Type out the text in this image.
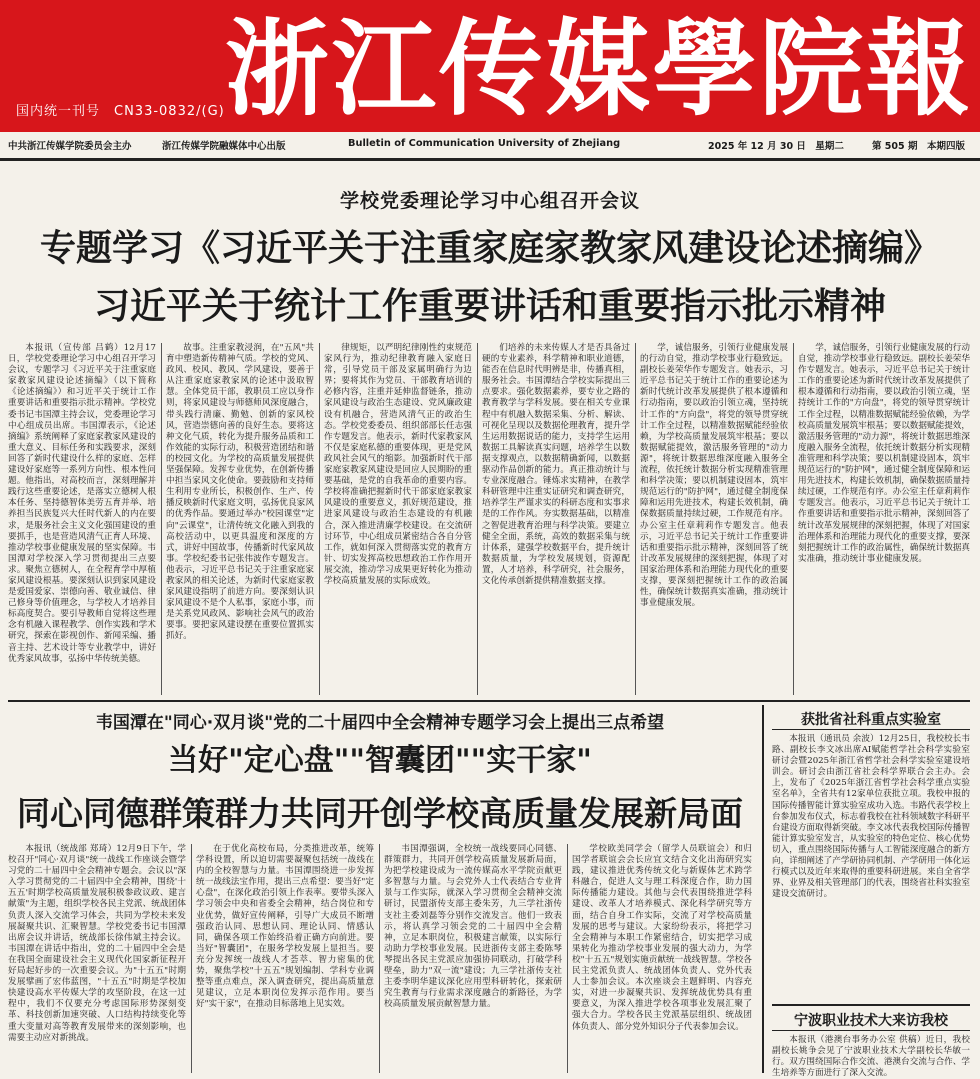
浙 江 传 媒 學 院 報
国内统一刊号　CN33-0832/(G)
中共浙江传媒学院委员会主办	浙江传媒学院融媒体中心出版	Bulletin of Communication University of Zhejiang	2025 年 12 月 30 日　星期二	第 505 期　本期四版
学校党委理论学习中心组召开会议
专题学习《习近平关于注重家庭家教家风建设论述摘编》
习近平关于统计工作重要讲话和重要指示批示精神

本报讯（宣传部 吕鹤）12月17日，学校党委理论学习中心组召开学习会议，专题学习《习近平关于注重家庭家教家风建设论述摘编》（以下简称《论述摘编》）和习近平关于统计工作重要讲话和重要指示批示精神。学校党委书记韦国潭主持会议，党委理论学习中心组成员出席。韦国潭表示，《论述摘编》系统阐释了家庭家教家风建设的重大意义、目标任务和实践要求，深刻回答了新时代建设什么样的家庭、怎样建设好家庭等一系列方向性、根本性问题。他指出，对高校而言，深刻理解并践行这些重要论述，是落实立德树人根本任务、坚持德智体美劳五育并举、培养担当民族复兴大任时代新人的内在要求，是服务社会主义文化强国建设的重要抓手，也是营造风清气正育人环境、推动学校事业健康发展的坚实保障。韦国潭对学校深入学习贯彻提出三点要求。聚焦立德树人，在全程育学中厚植家风建设根基。要深刻认识到家风建设是爱国爱家、崇德向善、敬业诚信、律己修身等价值理念，与学校人才培养目标高度契合。要引导教师自觉将这些理念有机融入课程教学、创作实践和学术研究，探索在影视创作、新闻采编、播音主持、艺术设计等专业教学中，讲好优秀家风故事，弘扬中华传统美德。

故事。注重家教浸润，在"五风"共育中塑造新传精神气质。学校的党风、政风、校风、教风、学风建设，要善于从注重家庭家教家风的论述中汲取智慧。全体党员干部，教职员工应以身作则，将家风建设与师德师风深度融合，带头践行清廉、勤勉、创新的家风校风，营造崇德向善的良好生态。要将这种文化气质，转化为提升服务品质和工作效能的实际行动，积极营造团结和谐的校园文化。为学校的高质量发展提供坚强保障。发挥专业优势，在创新传播中担当家风文化使命。要鼓励和支持师生利用专业所长，积极创作、生产、传播反映新时代家庭文明，弘扬优良家风的优秀作品。要通过举办"校园课堂"定向"云课堂"，让清传统文化融入到我的高校活动中，以更具温度和深度的方式，讲好中国故事，传播新时代家风故事。学校纪委书记张伟波作专题发言。他表示，习近平总书记关于注重家庭家教家风的相关论述，为新时代家庭家教家风建设指明了前进方向。要深刻认识家风建设不是个人私事，家庭小事，而是关系党风政风、影响社会风气的政治要事。要把家风建设摆在重要位置抓实抓好。

律规矩，以严明纪律刚性约束规范家风行为，推动纪律教育融入家庭日常，引导党员干部及家属明确行为边界；要将其作为党员、干部教育培训的必修内容，注重并延伸监督链条，推动家风建设与政治生态建设、党风廉政建设有机融合，营造风清气正的政治生态。学校党委委员、组织部部长任志强作专题发言。他表示，新时代家教家风不仅是家庭私德的重要体现，更是党风政风社会风气的缩影。加强新时代干部家庭家教家风建设是回应人民期盼的重要基础，是党的自我革命的重要内容。学校将准确把握新时代干部家庭家教家风建设的重要意义，抓好规范建设，推进家风建设与政治生态建设的有机融合，深入推进清廉学校建设。在交流研讨环节，中心组成员紧密结合各自分管工作，就如何深入贯彻落实党的教育方针、切实发挥高校思想政治工作作用开展交流，推动学习成果更好转化为推动学校高质量发展的实际成效。

们培养的未来传媒人才是否具备过硬的专业素养，科学精神和职业道德，能否在信息时代明辨是非，传播真相，服务社会。韦国潭结合学校实际提出三点要求。强化数据素养，要专业之路的教育教学与学科发展。要在相关专业课程中有机融入数据采集、分析、解读、可视化呈现以及数据伦理教育，提升学生运用数据说话的能力，支持学生运用数据工具解读真实问题，培养学生以数据支撑观点，以数据精确新闻，以数据驱动作品创新的能力。真正推动统计与专业深度融合。锤炼求实精神，在教学科研管理中注重实证研究和调查研究，培养学生严谨求实的科研态度和实事求是的工作作风。夯实数据基础，以精准之智促进教育治理与科学决策。要建立健全全面，系统，高效的数据采集与统计体系，建强学校数据平台，提升统计数据质量，为学校发展规划，资源配置，人才培养，科学研究，社会服务，文化传承创新提供精准数据支撑。

学，诚信服务，引领行业健康发展的行动自觉，推动学校事业行稳致远。副校长姜荣华作专题发言。她表示，习近平总书记关于统计工作的重要论述为新时代统计改革发展提供了根本遵循和行动指南，要以政治引领立魂，坚持统计工作的"方向盘"，将党的领导贯穿统计工作全过程，以精准数据赋能经验依赖，为学校高质量发展筑牢根基；要以数据赋能提效，激活服务管理的"动力源"，将统计数据思维深度融入服务全流程，依托统计数据分析实现精准管理和科学决策；要以机制建设固本，筑牢规范运行的"防护网"，通过健全制度保障和运用先进技术，构建长效机制，确保数据质量持续过硬，工作规范有序。办公室主任章莉莉作专题发言。他表示，习近平总书记关于统计工作重要讲话和重要指示批示精神，深刻回答了统计改革发展规律的深刻把握，体现了对国家治理体系和治理能力现代化的重要支撑，要深刻把握统计工作的政治属性，确保统计数据真实准确，推动统计事业健康发展。

学，诚信服务，引领行业健康发展的行动自觉，推动学校事业行稳致远。副校长姜荣华作专题发言。她表示，习近平总书记关于统计工作的重要论述为新时代统计改革发展提供了根本遵循和行动指南，要以政治引领立魂，坚持统计工作的"方向盘"，将党的领导贯穿统计工作全过程，以精准数据赋能经验依赖，为学校高质量发展筑牢根基；要以数据赋能提效，激活服务管理的"动力源"，将统计数据思维深度融入服务全流程，依托统计数据分析实现精准管理和科学决策；要以机制建设固本，筑牢规范运行的"防护网"，通过健全制度保障和运用先进技术，构建长效机制，确保数据质量持续过硬，工作规范有序。办公室主任章莉莉作专题发言。他表示，习近平总书记关于统计工作重要讲话和重要指示批示精神，深刻回答了统计改革发展规律的深刻把握，体现了对国家治理体系和治理能力现代化的重要支撑，要深刻把握统计工作的政治属性，确保统计数据真实准确，推动统计事业健康发展。

韦国潭在"同心·双月谈"党的二十届四中全会精神专题学习会上提出三点希望
当好"定心盘""智囊团""实干家"
同心同德群策群力共同开创学校高质量发展新局面

本报讯（统战部 郑琦）12月9日下午，学校召开"同心·双月谈"统一战线工作座谈会暨学习党的二十届四中全会精神专题会。会议以"深入学习贯彻党的二十届四中全会精神，围绕'十五五'时期学校高质量发展积极参政议政、建言献策"为主题，组织学校各民主党派、统战团体负责人深入交流学习体会，共同为学校未来发展凝聚共识、汇聚智慧。学校党委书记韦国潭出席会议并讲话，统战部长徐伟斌主持会议。韦国潭在讲话中指出，党的二十届四中全会是在我国全面建设社会主义现代化国家新征程开好局起好步的一次重要会议。为"十五五"时期发展擘画了宏伟蓝图，"十五五"时期是学校加快建设高水平传媒大学的攻坚阶段，在这一过程中，我们不仅要充分考虑国际形势深刻变革、科技创新加速突破、人口结构持续变化等重大变量对高等教育发展带来的深刻影响，也需要主动应对新挑战。

在于优化高校布局，分类推进改革，统筹学科设置，所以迫切需要凝聚包括统一战线在内的全校智慧与力量。韦国潭围绕进一步发挥统一战线法宝作用，提出三点希望：要当好"定心盘"，在深化政治引领上作表率。要带头深入学习领会中央和省委全会精神，结合岗位和专业优势，做好宣传阐释，引导广大成员不断增强政治认同、思想认同、理论认同、情感认同，确保各项工作始终沿着正确方向前进。要当好"智囊团"，在服务学校发展上显担当。要充分发挥统一战线人才荟萃、智力密集的优势，聚焦学校"十五五"规划编制、学科专业调整等重点难点，深入调查研究，提出高质量意见建议，立足本职岗位发挥示范作用。要当好"实干家"，在推动目标落地上见实效。

韦国潭强调，全校统一战线要同心同德、群策群力，共同开创学校高质量发展新局面，为把学校建设成为一流传媒高水平学院贡献更多智慧与力量。与会党外人士代表结合专业背景与工作实际，就深入学习贯彻全会精神交流研讨，民盟浙传支部主委朱芳，九三学社浙传支社主委刘磊等分别作交流发言。他们一致表示，将认真学习领会党的二十届四中全会精神，立足本职岗位，积极建言献策，以实际行动助力学校事业发展。民进浙传支部主委陈琴琴提出各民主党派应加强协同联动，打破学科壁垒，助力"双一流"建设；九三学社浙传支社主委李明华建议深化应用型科研转化，探索研究生教育与行业需求深度融合的新路径，为学校高质量发展贡献智慧力量。

学校欧美同学会（留学人员联谊会）和归国学者联谊会会长应宜文结合文化出海研究实践，建议推进优秀传统文化与新媒体艺术跨学科融合，促进人文与理工科深度合作，助力国际传播能力建设。其他与会代表围绕推进学科建设、改革人才培养模式、深化科学研究等方面，结合自身工作实际，交流了对学校高质量发展的思考与建议。大家纷纷表示，将把学习全会精神与本职工作紧密结合，切实把学习成果转化为推动学校事业发展的强大动力，为学校"十五五"规划实施贡献统一战线智慧。学校各民主党派负责人、统战团体负责人、党外代表人士参加会议。本次座谈会主题鲜明、内容充实，对进一步凝聚共识、发挥统战优势具有重要意义，为深入推进学校各项事业发展汇聚了强大合力。学校各民主党派基层组织、统战团体负责人、部分党外知识分子代表参加会议。

获批省社科重点实验室

本报讯（通讯员 余波）12月25日，我校校长韦路、副校长李文冰出席AI赋能哲学社会科学实验室研讨会暨2025年浙江省哲学社会科学实验室建设培训会。研讨会由浙江省社会科学界联合会主办。会上，发布了《2025年浙江省哲学社会科学重点实验室名单》，全省共有12家单位获批立项。我校申报的国际传播智能计算实验室成功入选。韦路代表学校上台参加发布仪式，标志着我校在社科领域数字科研平台建设方面取得新突破。李文冰代表我校国际传播智能计算实验室发言，从实验室的特色定位、核心优势切入，重点围绕国际传播与人工智能深度融合的新方向，详细阐述了产学研协同机制、产学研用一体化运行模式以及近年来取得的重要科研进展。来自全省学界、业界及相关管理部门的代表，围绕省社科实验室建设交流研讨。

宁波职业技术大来访我校

本报讯（港澳台事务办公室 供稿）近日，我校副校长姚争会见了宁波职业技术大学副校长华敏一行。双方围绕国际合作交流、港澳台交流与合作、学生培养等方面进行了深入交流。
